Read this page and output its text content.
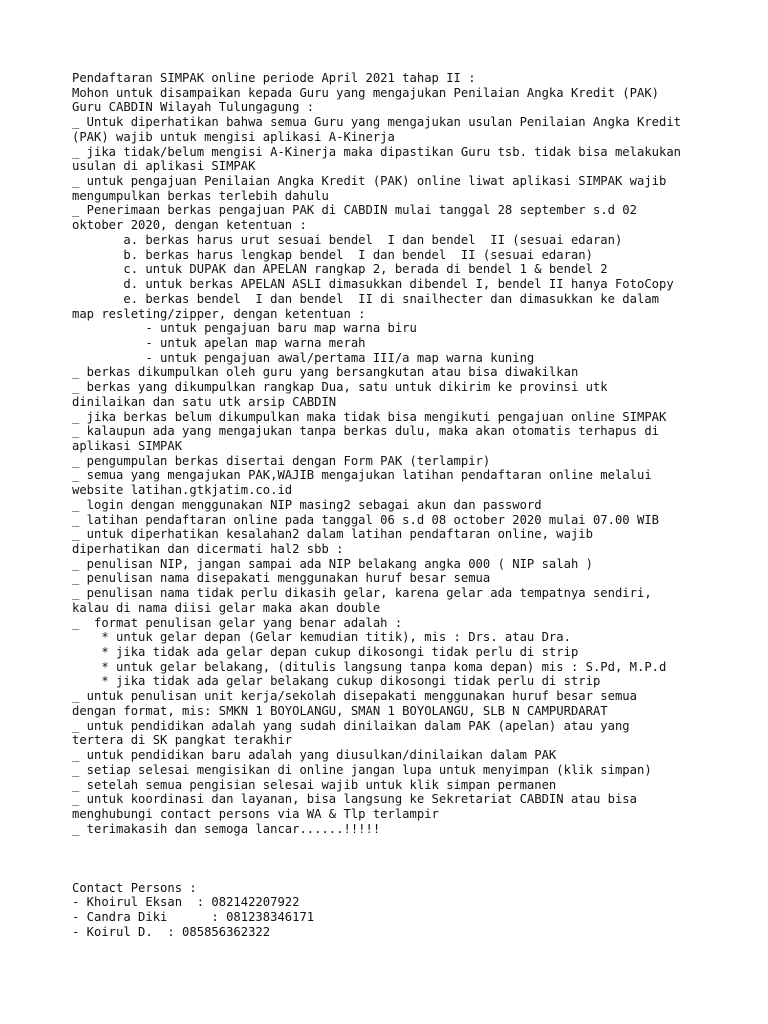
Pendaftaran SIMPAK online periode April 2021 tahap II :
Mohon untuk disampaikan kepada Guru yang mengajukan Penilaian Angka Kredit (PAK)
Guru CABDIN Wilayah Tulungagung :
_ Untuk diperhatikan bahwa semua Guru yang mengajukan usulan Penilaian Angka Kredit
(PAK) wajib untuk mengisi aplikasi A-Kinerja
_ jika tidak/belum mengisi A-Kinerja maka dipastikan Guru tsb. tidak bisa melakukan
usulan di aplikasi SIMPAK
_ untuk pengajuan Penilaian Angka Kredit (PAK) online liwat aplikasi SIMPAK wajib
mengumpulkan berkas terlebih dahulu
_ Penerimaan berkas pengajuan PAK di CABDIN mulai tanggal 28 september s.d 02
oktober 2020, dengan ketentuan :
a. berkas harus urut sesuai bendel  I dan bendel  II (sesuai edaran)
b. berkas harus lengkap bendel  I dan bendel  II (sesuai edaran)
c. untuk DUPAK dan APELAN rangkap 2, berada di bendel 1 & bendel 2
d. untuk berkas APELAN ASLI dimasukkan dibendel I, bendel II hanya FotoCopy
e. berkas bendel  I dan bendel  II di snailhecter dan dimasukkan ke dalam
map resleting/zipper, dengan ketentuan :
- untuk pengajuan baru map warna biru
- untuk apelan map warna merah
- untuk pengajuan awal/pertama III/a map warna kuning
_ berkas dikumpulkan oleh guru yang bersangkutan atau bisa diwakilkan
_ berkas yang dikumpulkan rangkap Dua, satu untuk dikirim ke provinsi utk
dinilaikan dan satu utk arsip CABDIN
_ jika berkas belum dikumpulkan maka tidak bisa mengikuti pengajuan online SIMPAK
_ kalaupun ada yang mengajukan tanpa berkas dulu, maka akan otomatis terhapus di
aplikasi SIMPAK
_ pengumpulan berkas disertai dengan Form PAK (terlampir)
_ semua yang mengajukan PAK,WAJIB mengajukan latihan pendaftaran online melalui
website latihan.gtkjatim.co.id
_ login dengan menggunakan NIP masing2 sebagai akun dan password
_ latihan pendaftaran online pada tanggal 06 s.d 08 october 2020 mulai 07.00 WIB
_ untuk diperhatikan kesalahan2 dalam latihan pendaftaran online, wajib
diperhatikan dan dicermati hal2 sbb :
_ penulisan NIP, jangan sampai ada NIP belakang angka 000 ( NIP salah )
_ penulisan nama disepakati menggunakan huruf besar semua
_ penulisan nama tidak perlu dikasih gelar, karena gelar ada tempatnya sendiri,
kalau di nama diisi gelar maka akan double
_  format penulisan gelar yang benar adalah :
* untuk gelar depan (Gelar kemudian titik), mis : Drs. atau Dra.
* jika tidak ada gelar depan cukup dikosongi tidak perlu di strip
* untuk gelar belakang, (ditulis langsung tanpa koma depan) mis : S.Pd, M.P.d
* jika tidak ada gelar belakang cukup dikosongi tidak perlu di strip
_ untuk penulisan unit kerja/sekolah disepakati menggunakan huruf besar semua
dengan format, mis: SMKN 1 BOYOLANGU, SMAN 1 BOYOLANGU, SLB N CAMPURDARAT
_ untuk pendidikan adalah yang sudah dinilaikan dalam PAK (apelan) atau yang
tertera di SK pangkat terakhir
_ untuk pendidikan baru adalah yang diusulkan/dinilaikan dalam PAK
_ setiap selesai mengisikan di online jangan lupa untuk menyimpan (klik simpan)
_ setelah semua pengisian selesai wajib untuk klik simpan permanen
_ untuk koordinasi dan layanan, bisa langsung ke Sekretariat CABDIN atau bisa
menghubungi contact persons via WA & Tlp terlampir
_ terimakasih dan semoga lancar......!!!!!
Contact Persons :
- Khoirul Eksan  : 082142207922
- Candra Diki      : 081238346171
- Koirul D.  : 085856362322
